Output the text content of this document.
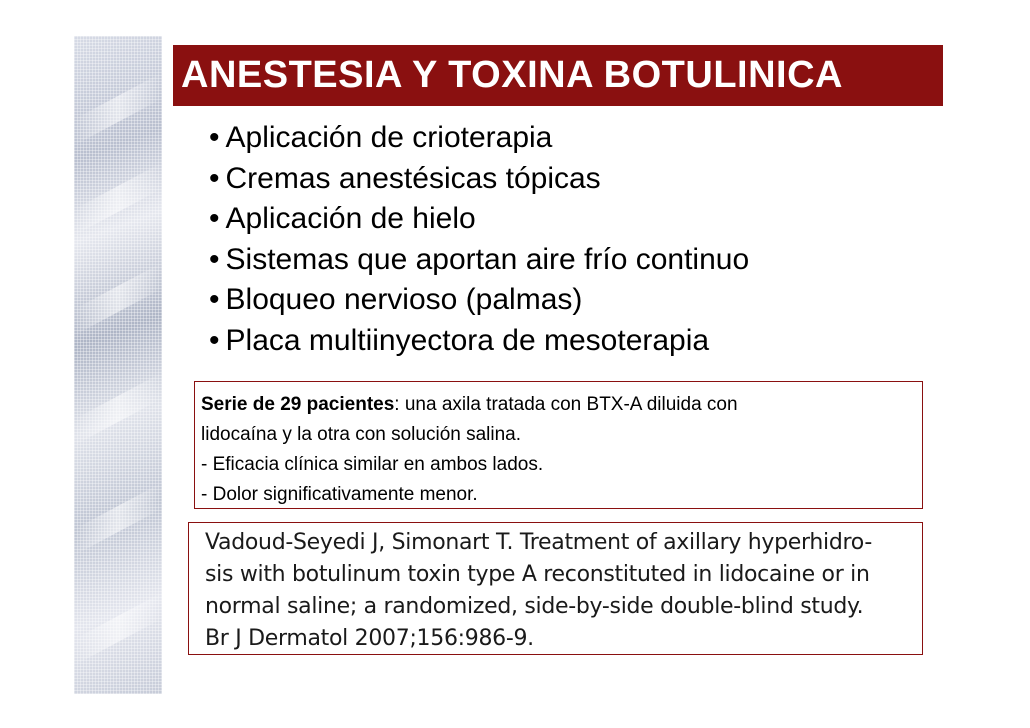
ANESTESIA Y TOXINA BOTULINICA
• Aplicación de crioterapia
• Cremas anestésicas tópicas
• Aplicación de hielo
• Sistemas que aportan aire frío continuo
• Bloqueo nervioso (palmas)
• Placa multiinyectora de mesoterapia

Serie de 29 pacientes: una axila tratada con BTX-A diluida con

lidocaína y la otra con solución salina.

- Eficacia clínica similar en ambos lados.

- Dolor significativamente menor.

Vadoud-Seyedi J, Simonart T. Treatment of axillary hyperhidro-

sis with botulinum toxin type A reconstituted in lidocaine or in

normal saline; a randomized, side-by-side double-blind study.

Br J Dermatol 2007;156:986-9.
